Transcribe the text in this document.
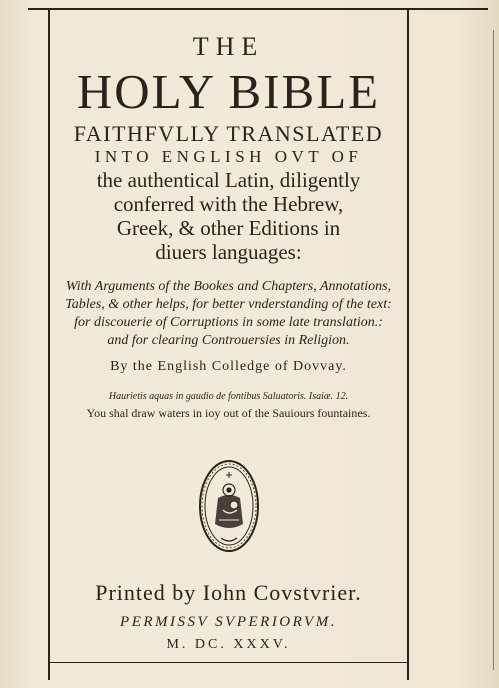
THE
HOLY BIBLE
FAITHFVLLY TRANSLATED
INTO ENGLISH OVT OF
the authentical Latin, diligently
conferred with the Hebrew,
Greek, & other Editions in
diuers languages:
With Arguments of the Bookes and Chapters, Annotations,
Tables, & other helps, for better vnderstanding of the text:
for discouerie of Corruptions in some late translation.:
and for clearing Controuersies in Religion.
By the English Colledge of Dovvay.
Haurietis aquas in gaudio de fontibus Saluatoris. Isaiæ. 12.
You shal draw waters in ioy out of the Sauiours fountaines.
Printed by Iohn Covstvrier.
PERMISSV SVPERIORVM.
M. DC. XXXV.
